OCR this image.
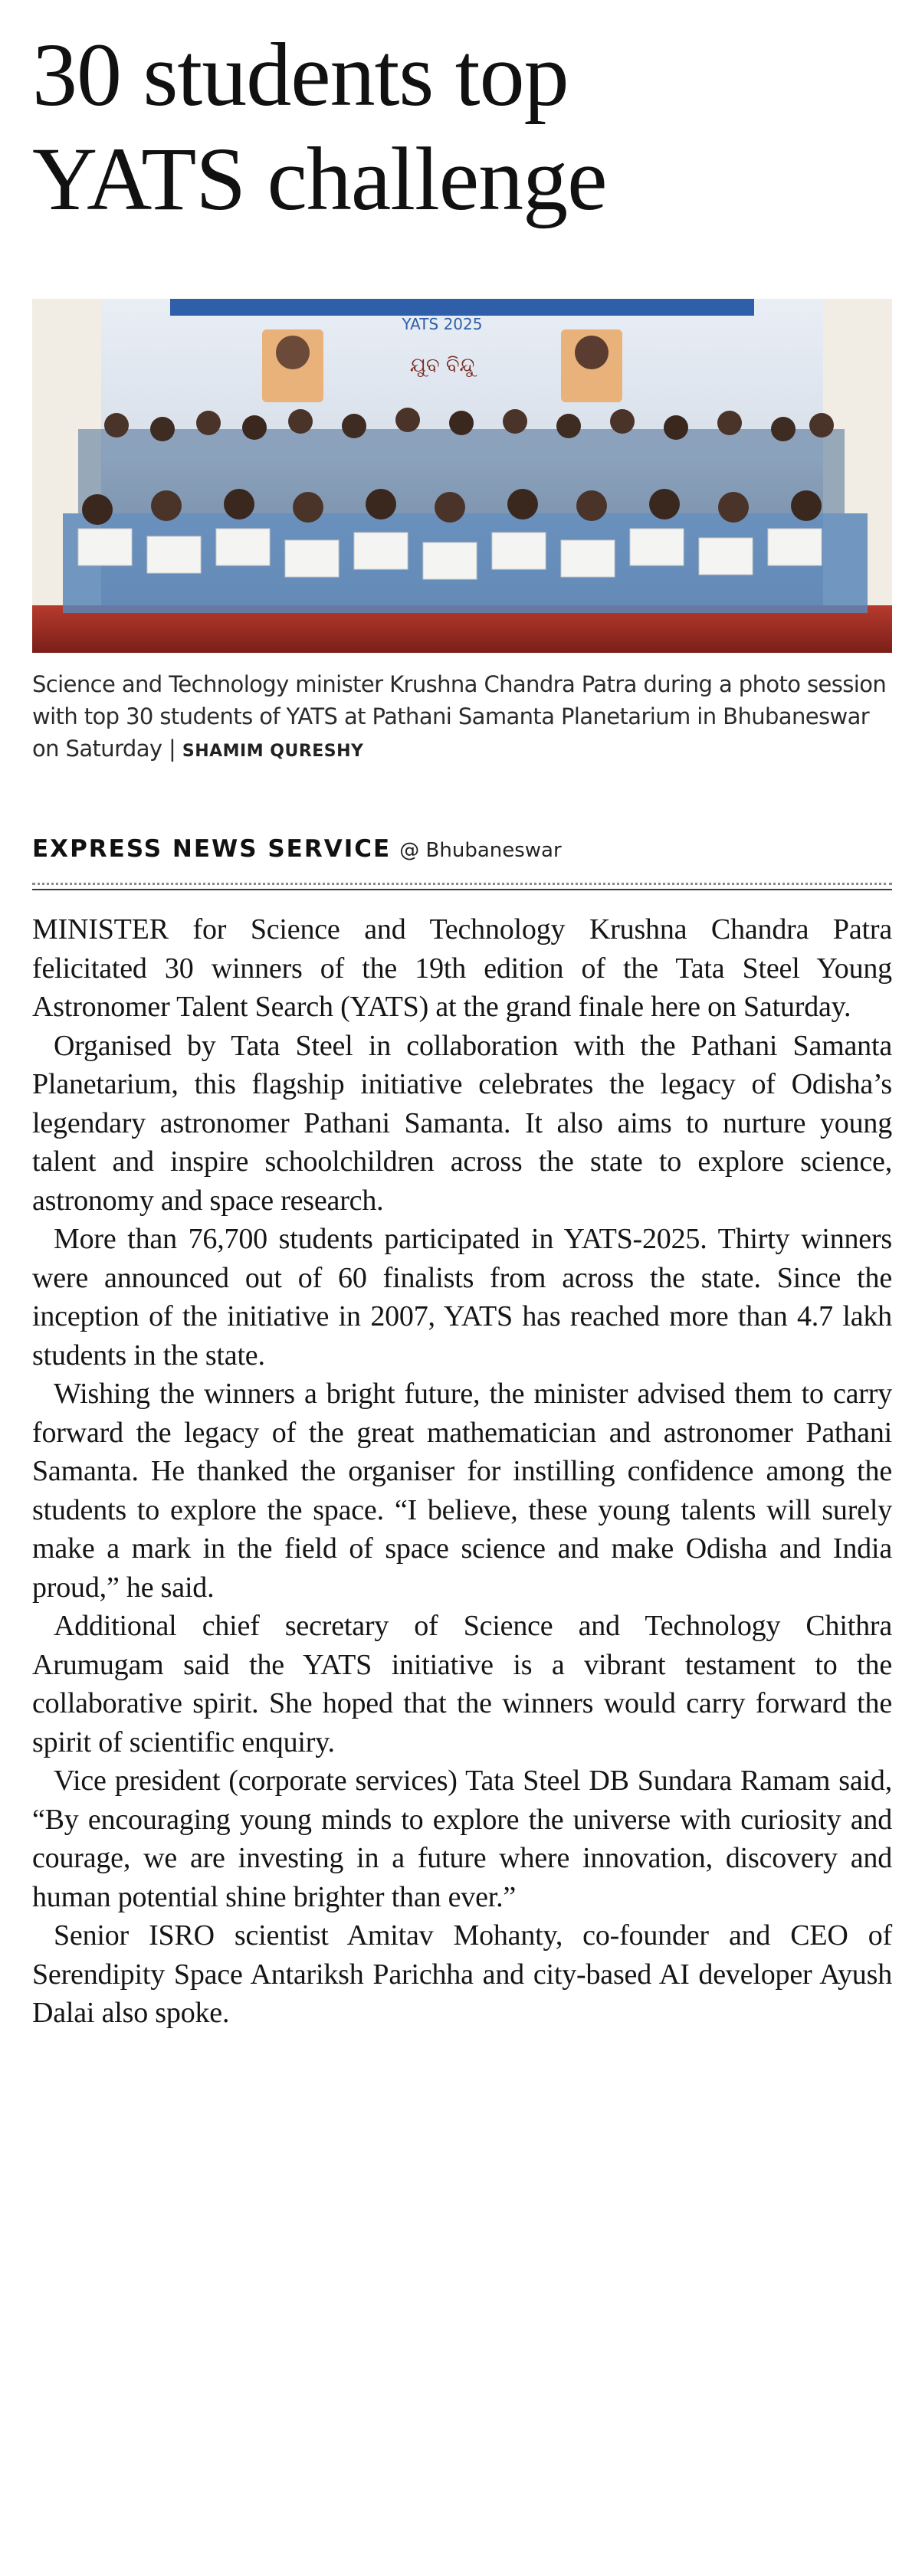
30 students top
YATS challenge
ଯୁବ ବିନ୍ଦୁ
YATS 2025
Science and Technology minister Krushna Chandra Patra during a photo session with top 30 students of YATS at Pathani Samanta Planetarium in Bhubaneswar on Saturday | SHAMIM QURESHY
EXPRESS NEWS SERVICE @ Bhubaneswar

MINISTER for Science and Technology Krushna Chandra Patra felicitated 30 winners of the 19th edition of the Tata Steel Young Astronomer Talent Search (YATS) at the grand finale here on Saturday.

Organised by Tata Steel in collaboration with the Pathani Samanta Planetarium, this flagship initiative celebrates the legacy of Odisha’s legendary astronomer Pathani Samanta. It also aims to nurture young talent and inspire schoolchildren across the state to explore science, astronomy and space research.

More than 76,700 students participated in YATS-2025. Thirty winners were announced out of 60 finalists from across the state. Since the inception of the initiative in 2007, YATS has reached more than 4.7 lakh students in the state.

Wishing the winners a bright future, the minister advised them to carry forward the legacy of the great mathematician and astronomer Pathani Samanta. He thanked the organiser for instilling confidence among the students to explore the space. “I believe, these young talents will surely make a mark in the field of space science and make Odisha and India proud,” he said.

Additional chief secretary of Science and Technology Chithra Arumugam said the YATS initiative is a vibrant testament to the collaborative spirit. She hoped that the winners would carry forward the spirit of scientific enquiry.

Vice president (corporate services) Tata Steel DB Sundara Ramam said, “By encouraging young minds to explore the universe with curiosity and courage, we are investing in a future where innovation, discovery and human potential shine brighter than ever.”

Senior ISRO scientist Amitav Mohanty, co-founder and CEO of Serendipity Space Antariksh Parichha and city-based AI developer Ayush Dalai also spoke.
